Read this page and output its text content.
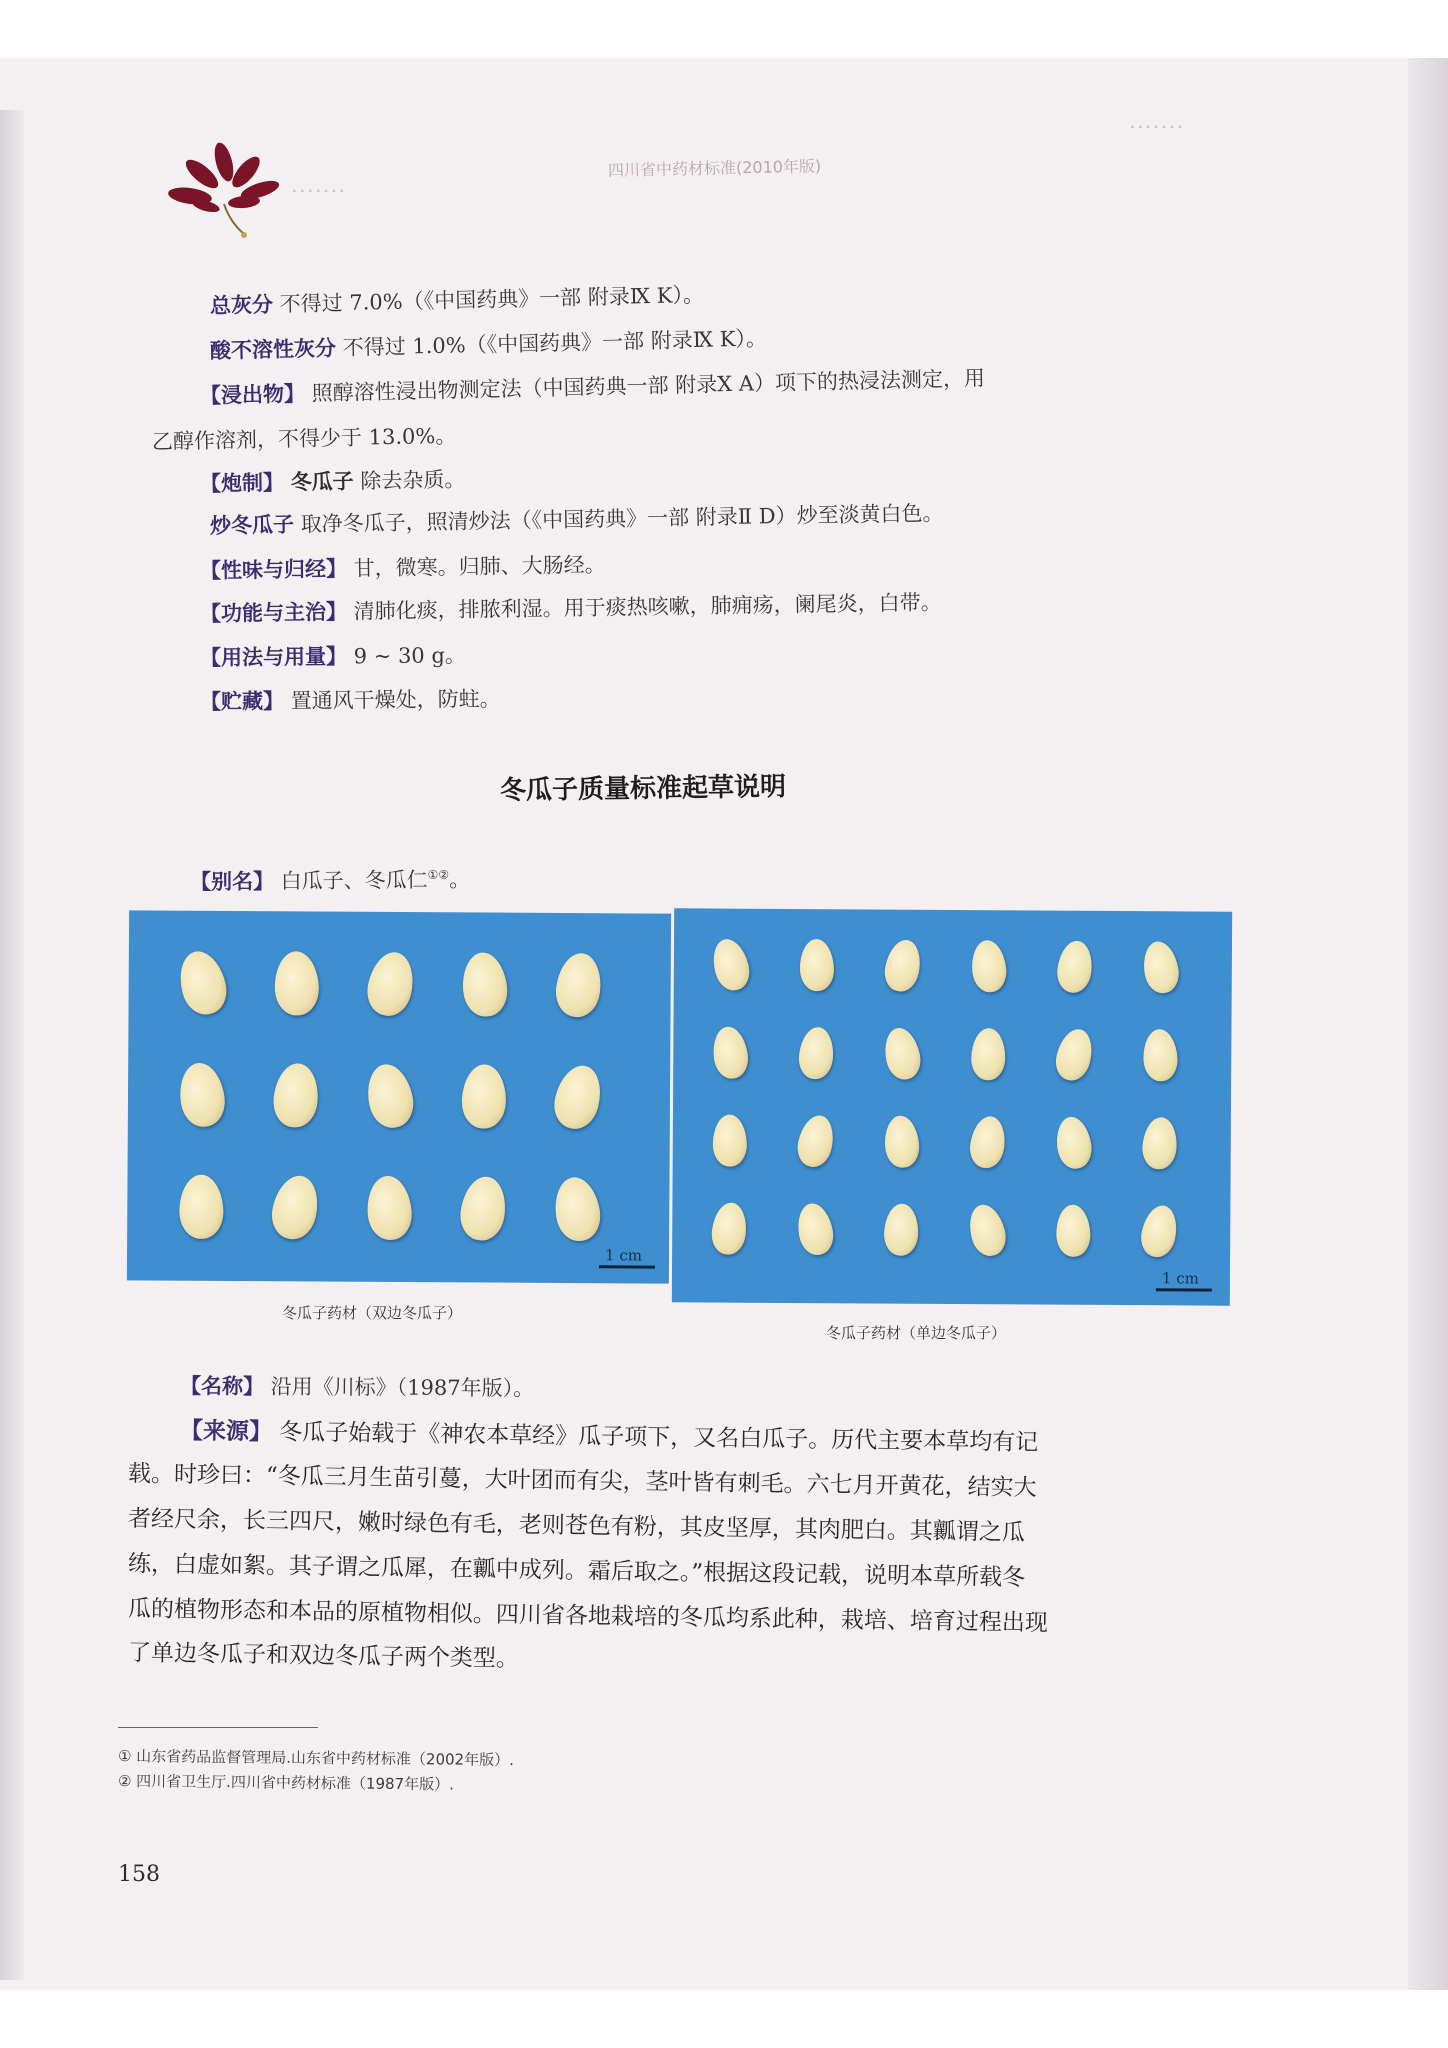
∙∙∙∙∙∙∙
∙∙∙∙∙∙∙
四川省中药材标准(2010年版)
总灰分 不得过 7.0%（《中国药典》一部 附录Ⅸ K）。
酸不溶性灰分 不得过 1.0%（《中国药典》一部 附录Ⅸ K）。
【浸出物】 照醇溶性浸出物测定法（中国药典一部 附录Ⅹ A）项下的热浸法测定，用
乙醇作溶剂，不得少于 13.0%。
【炮制】 冬瓜子 除去杂质。
炒冬瓜子 取净冬瓜子，照清炒法（《中国药典》一部 附录Ⅱ D）炒至淡黄白色。
【性味与归经】 甘，微寒。归肺、大肠经。
【功能与主治】 清肺化痰，排脓利湿。用于痰热咳嗽，肺痈疡，阑尾炎，白带。
【用法与用量】 9 ~ 30 g。
【贮藏】 置通风干燥处，防蛀。
冬瓜子质量标准起草说明
【别名】 白瓜子、冬瓜仁①②。
1 cm
1 cm
冬瓜子药材（双边冬瓜子）
冬瓜子药材（单边冬瓜子）
【名称】 沿用《川标》（1987年版）。
【来源】 冬瓜子始载于《神农本草经》瓜子项下，又名白瓜子。历代主要本草均有记
载。时珍曰：“冬瓜三月生苗引蔓，大叶团而有尖，茎叶皆有刺毛。六七月开黄花，结实大
者经尺余，长三四尺，嫩时绿色有毛，老则苍色有粉，其皮坚厚，其肉肥白。其瓤谓之瓜
练，白虚如絮。其子谓之瓜犀，在瓤中成列。霜后取之。”根据这段记载，说明本草所载冬
瓜的植物形态和本品的原植物相似。四川省各地栽培的冬瓜均系此种，栽培、培育过程出现
了单边冬瓜子和双边冬瓜子两个类型。
① 山东省药品监督管理局.山东省中药材标准（2002年版）.
② 四川省卫生厅.四川省中药材标准（1987年版）.
158
